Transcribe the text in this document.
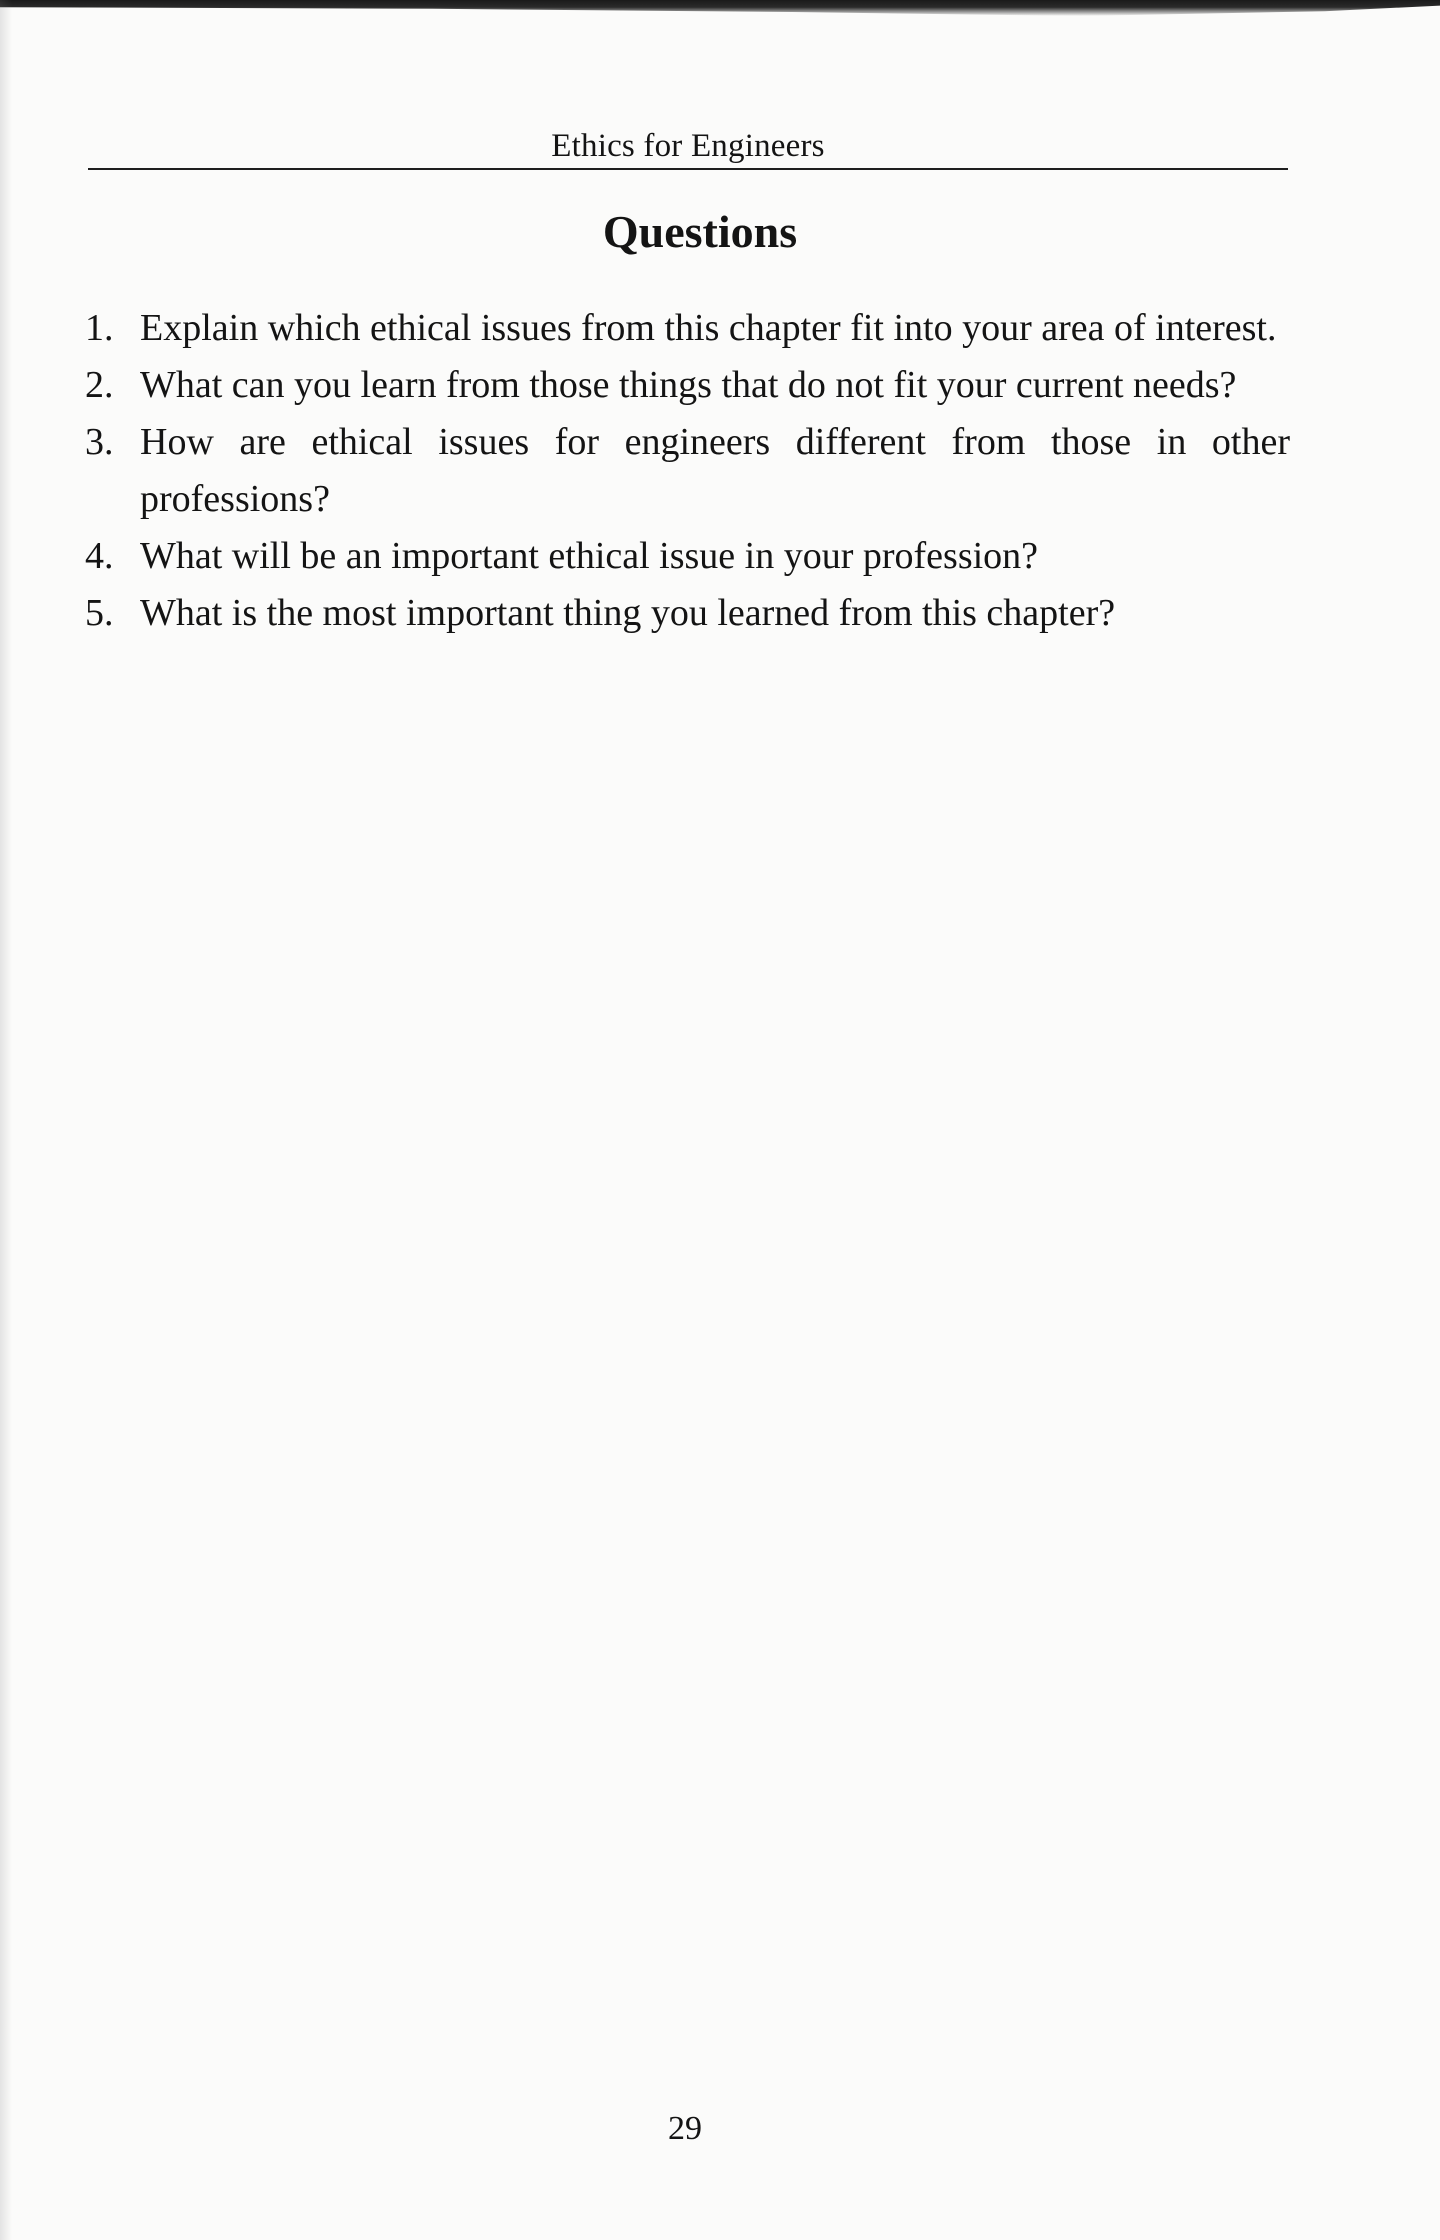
Ethics for Engineers
Questions
1. Explain which ethical issues from this chapter fit into your area of interest.
2. What can you learn from those things that do not fit your current needs?
3. How are ethical issues for engineers different from those in other professions?
4. What will be an important ethical issue in your profession?
5. What is the most important thing you learned from this chapter?
29
